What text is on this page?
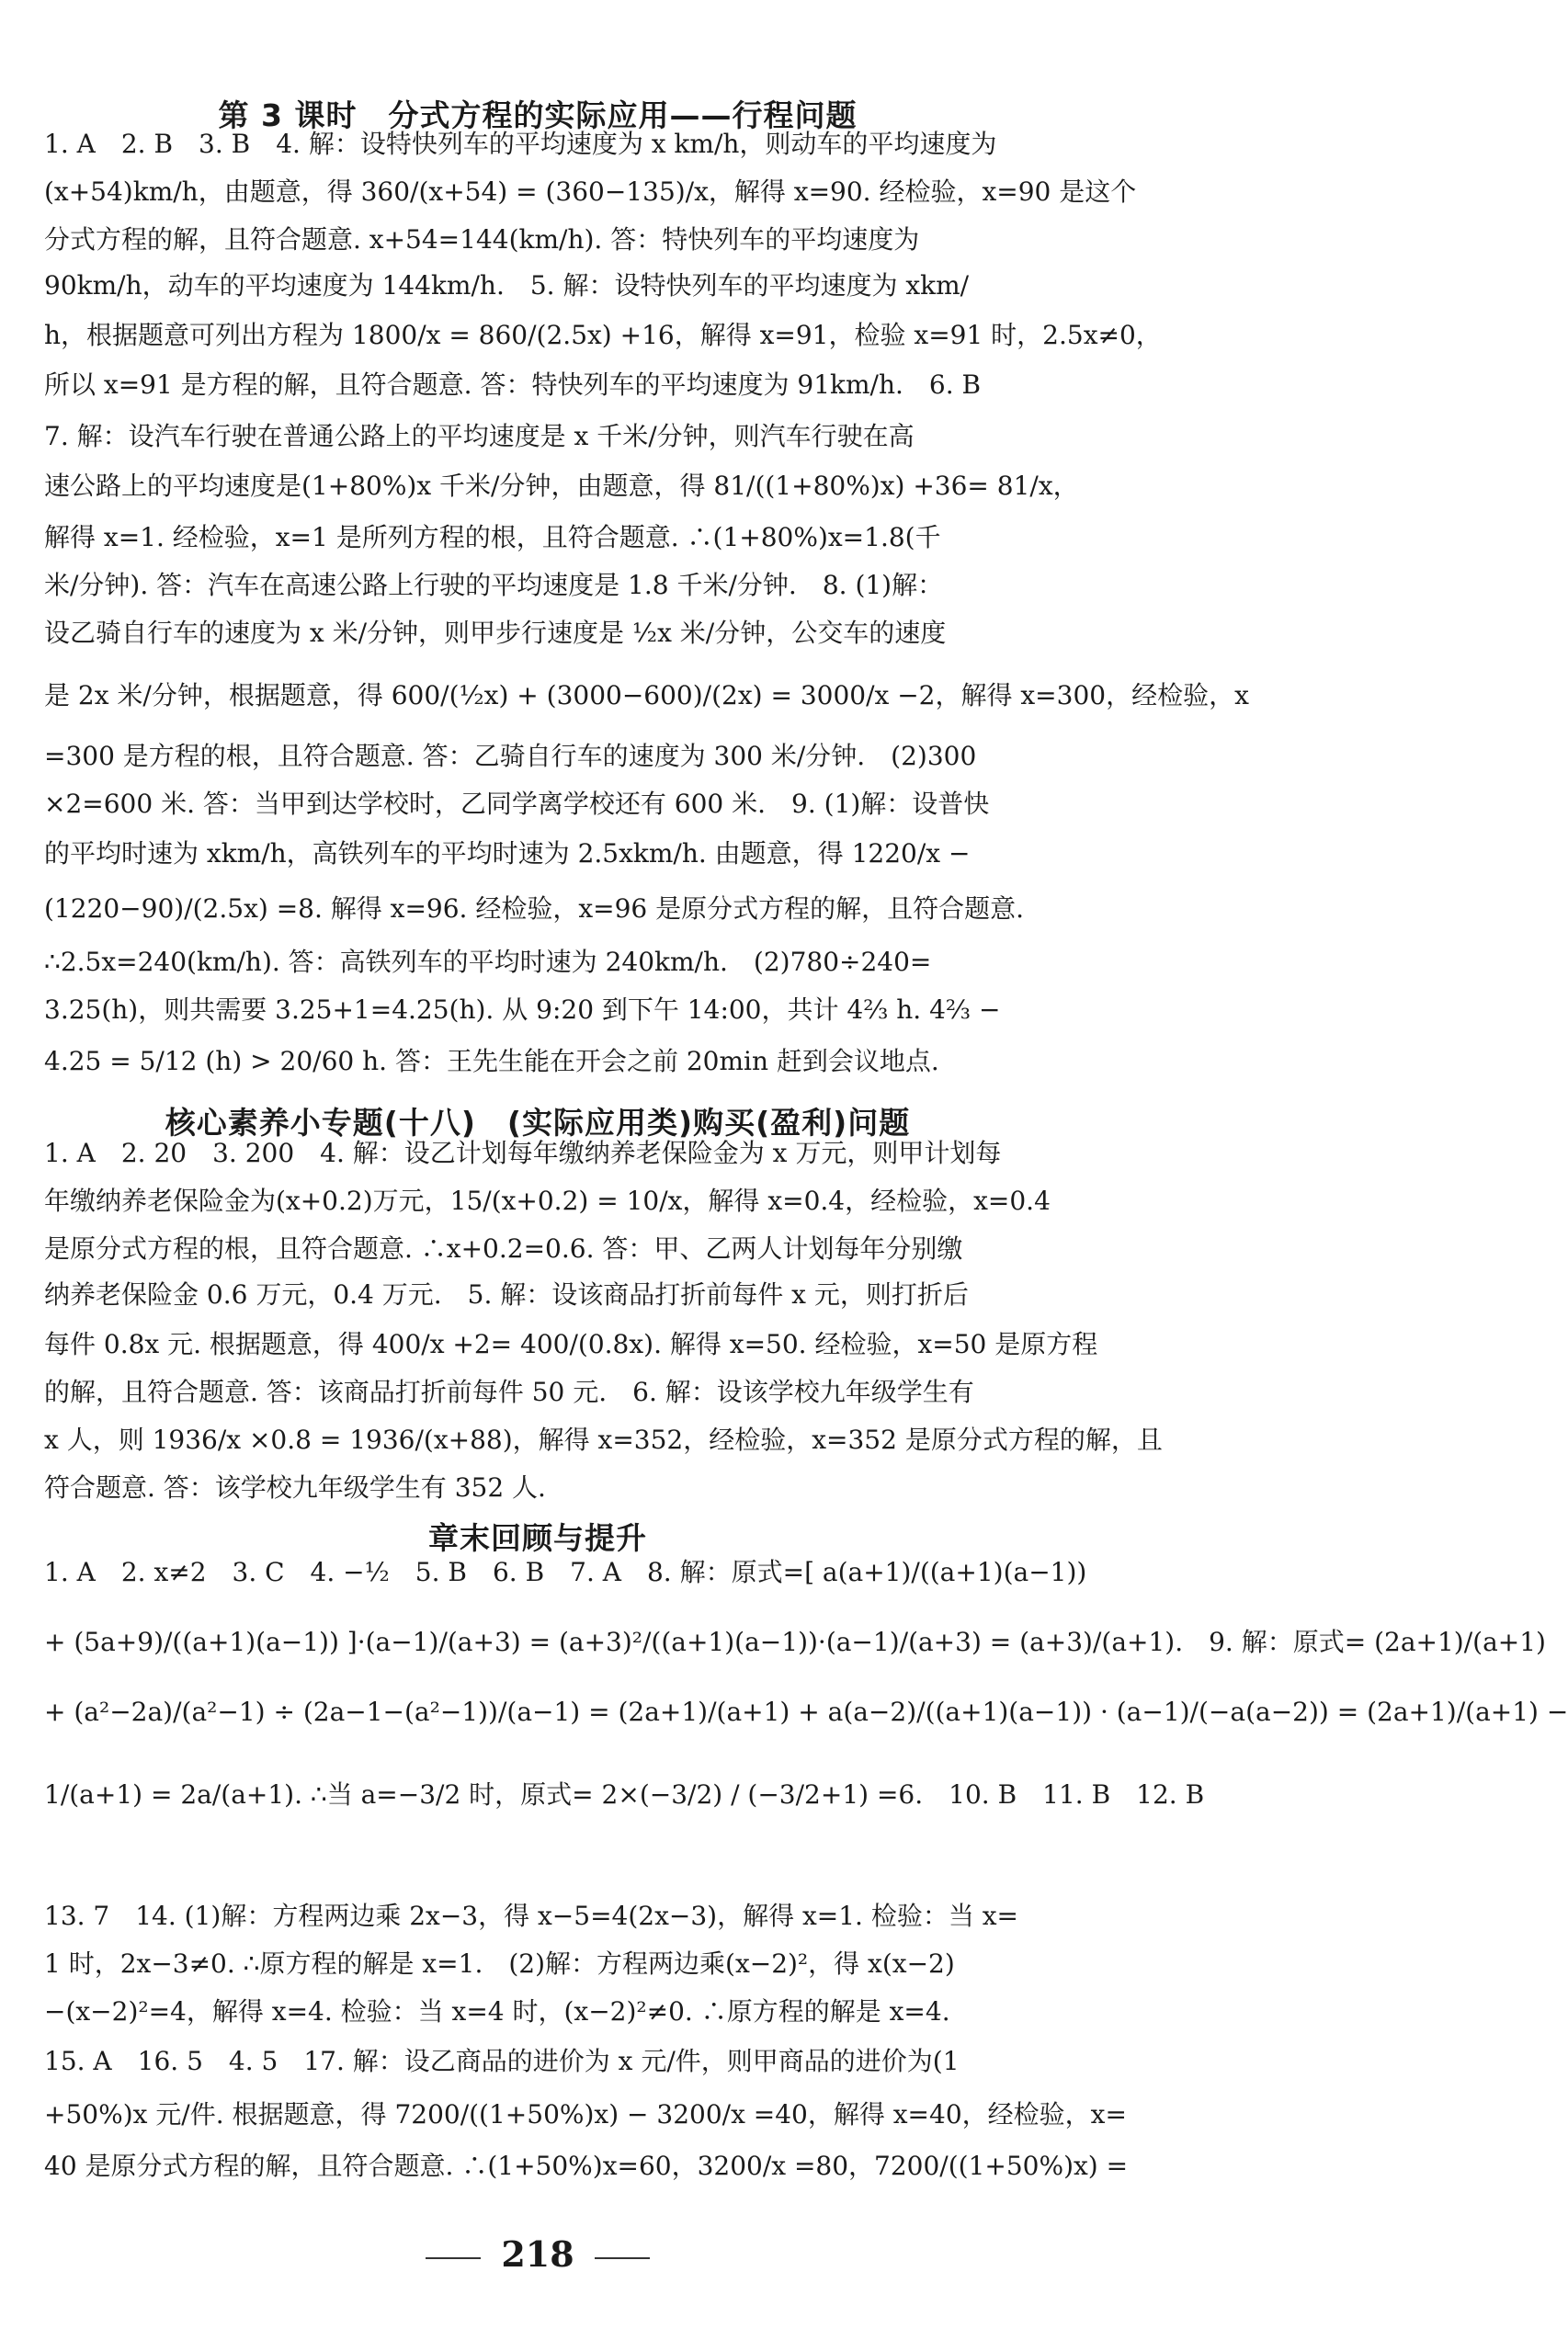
第 3 课时　分式方程的实际应用——行程问题
1. A　2. B　3. B　4. 解：设特快列车的平均速度为 x km/h，则动车的平均速度为
(x+54)km/h，由题意，得 360/(x+54) = (360−135)/x，解得 x=90. 经检验，x=90 是这个
分式方程的解，且符合题意. x+54=144(km/h). 答：特快列车的平均速度为
90km/h，动车的平均速度为 144km/h.　5. 解：设特快列车的平均速度为 xkm/
h，根据题意可列出方程为 1800/x = 860/(2.5x) +16，解得 x=91，检验 x=91 时，2.5x≠0，
所以 x=91 是方程的解，且符合题意. 答：特快列车的平均速度为 91km/h.　6. B
7. 解：设汽车行驶在普通公路上的平均速度是 x 千米/分钟，则汽车行驶在高
速公路上的平均速度是(1+80%)x 千米/分钟，由题意，得 81/((1+80%)x) +36= 81/x，
解得 x=1. 经检验，x=1 是所列方程的根，且符合题意. ∴(1+80%)x=1.8(千
米/分钟). 答：汽车在高速公路上行驶的平均速度是 1.8 千米/分钟.　8. (1)解：
设乙骑自行车的速度为 x 米/分钟，则甲步行速度是 ½x 米/分钟，公交车的速度
是 2x 米/分钟，根据题意，得 600/(½x) + (3000−600)/(2x) = 3000/x −2，解得 x=300，经检验，x
=300 是方程的根，且符合题意. 答：乙骑自行车的速度为 300 米/分钟.　(2)300
×2=600 米. 答：当甲到达学校时，乙同学离学校还有 600 米.　9. (1)解：设普快
的平均时速为 xkm/h，高铁列车的平均时速为 2.5xkm/h. 由题意，得 1220/x −
(1220−90)/(2.5x) =8. 解得 x=96. 经检验，x=96 是原分式方程的解，且符合题意.
∴2.5x=240(km/h). 答：高铁列车的平均时速为 240km/h.　(2)780÷240=
3.25(h)，则共需要 3.25+1=4.25(h). 从 9:20 到下午 14:00，共计 4⅔ h. 4⅔ −
4.25 = 5/12 (h) > 20/60 h. 答：王先生能在开会之前 20min 赶到会议地点.
核心素养小专题(十八)　(实际应用类)购买(盈利)问题
1. A　2. 20　3. 200　4. 解：设乙计划每年缴纳养老保险金为 x 万元，则甲计划每
年缴纳养老保险金为(x+0.2)万元，15/(x+0.2) = 10/x，解得 x=0.4，经检验，x=0.4
是原分式方程的根，且符合题意. ∴x+0.2=0.6. 答：甲、乙两人计划每年分别缴
纳养老保险金 0.6 万元，0.4 万元.　5. 解：设该商品打折前每件 x 元，则打折后
每件 0.8x 元. 根据题意，得 400/x +2= 400/(0.8x). 解得 x=50. 经检验，x=50 是原方程
的解，且符合题意. 答：该商品打折前每件 50 元.　6. 解：设该学校九年级学生有
x 人，则 1936/x ×0.8 = 1936/(x+88)，解得 x=352，经检验，x=352 是原分式方程的解，且
符合题意. 答：该学校九年级学生有 352 人.
章末回顾与提升
1. A　2. x≠2　3. C　4. −½　5. B　6. B　7. A　8. 解：原式=[ a(a+1)/((a+1)(a−1))
+ (5a+9)/((a+1)(a−1)) ]·(a−1)/(a+3) = (a+3)²/((a+1)(a−1))·(a−1)/(a+3) = (a+3)/(a+1).　9. 解：原式= (2a+1)/(a+1)
+ (a²−2a)/(a²−1) ÷ (2a−1−(a²−1))/(a−1) = (2a+1)/(a+1) + a(a−2)/((a+1)(a−1)) · (a−1)/(−a(a−2)) = (2a+1)/(a+1) −
1/(a+1) = 2a/(a+1). ∴当 a=−3/2 时，原式= 2×(−3/2) / (−3/2+1) =6.　10. B　11. B　12. B
13. 7　14. (1)解：方程两边乘 2x−3，得 x−5=4(2x−3)，解得 x=1. 检验：当 x=
1 时，2x−3≠0. ∴原方程的解是 x=1.　(2)解：方程两边乘(x−2)²，得 x(x−2)
−(x−2)²=4，解得 x=4. 检验：当 x=4 时，(x−2)²≠0. ∴原方程的解是 x=4.
15. A　16. 5　4. 5　17. 解：设乙商品的进价为 x 元/件，则甲商品的进价为(1
+50%)x 元/件. 根据题意，得 7200/((1+50%)x) − 3200/x =40，解得 x=40，经检验，x=
40 是原分式方程的解，且符合题意. ∴(1+50%)x=60，3200/x =80，7200/((1+50%)x) =
218
